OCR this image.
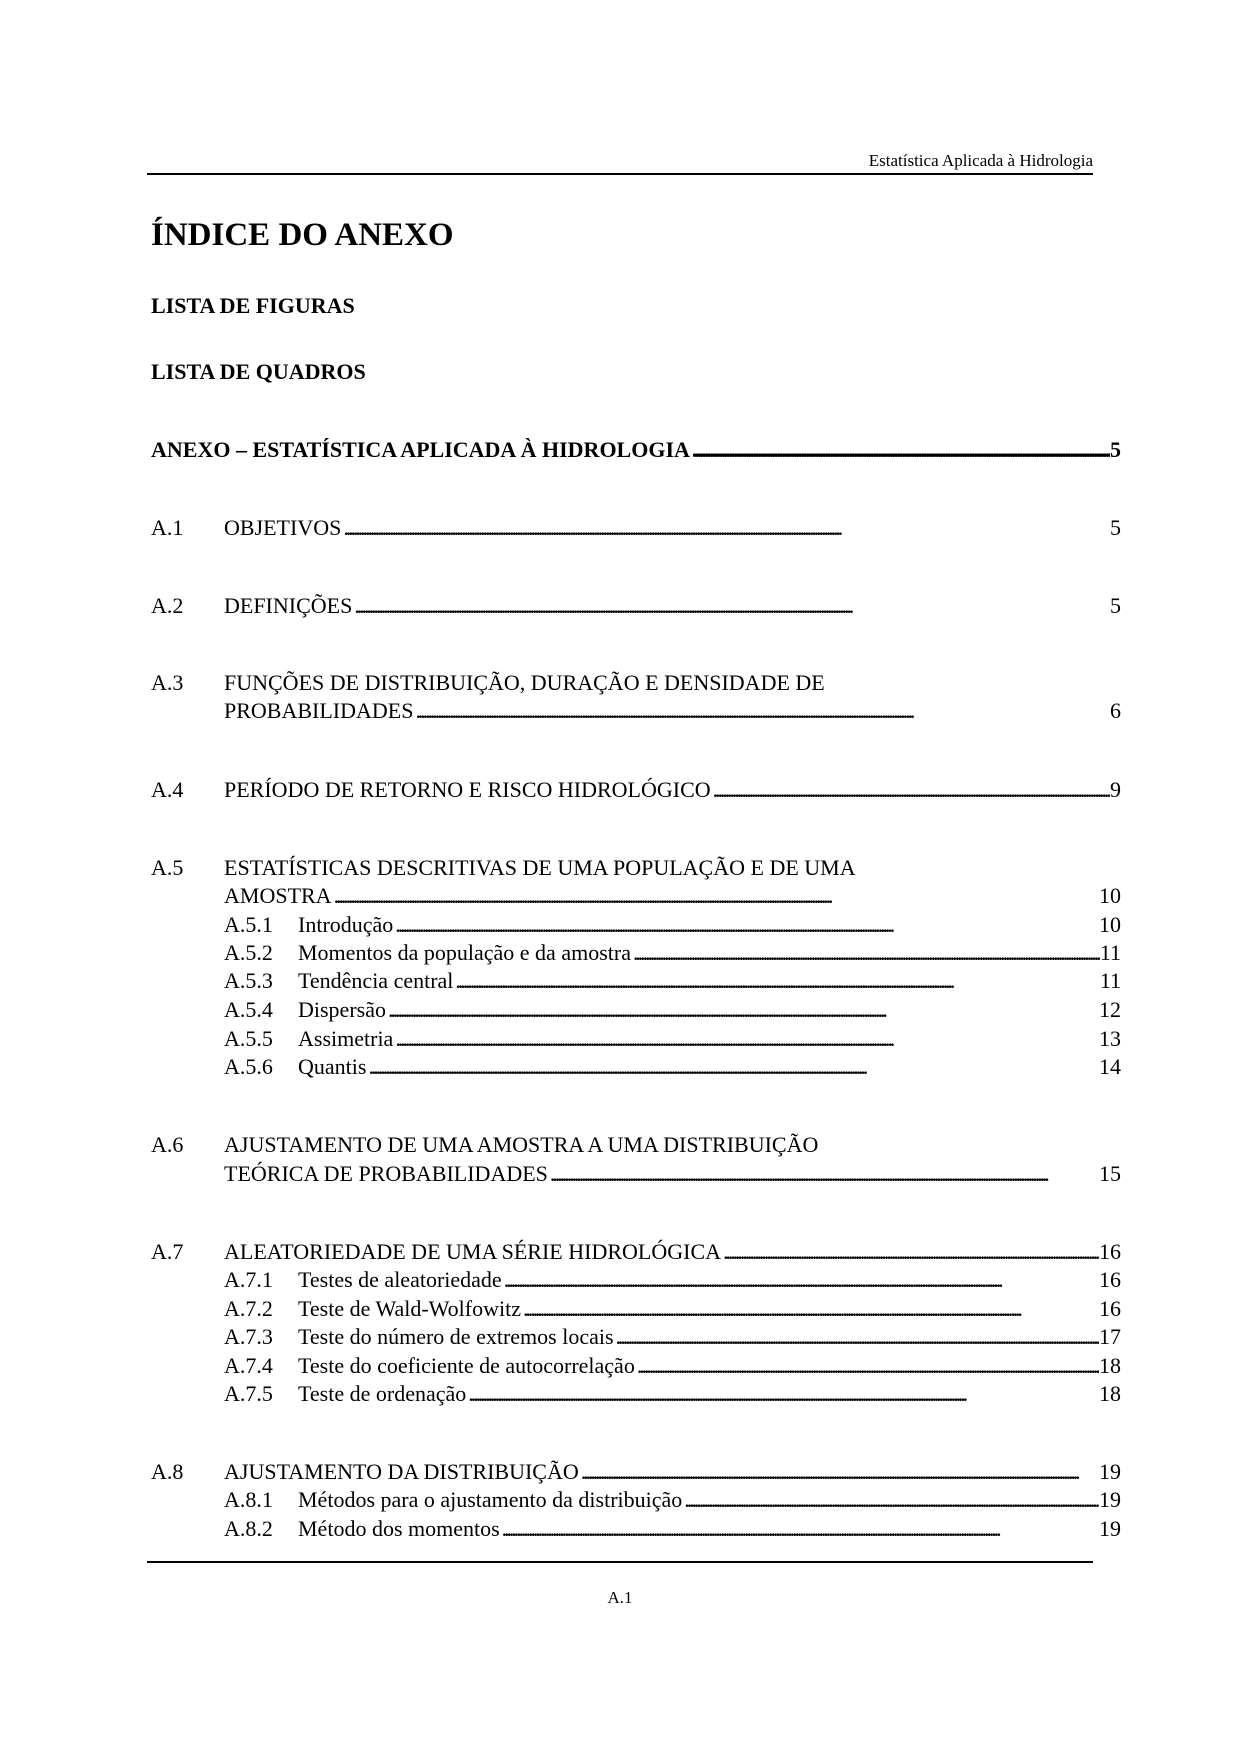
Estatística Aplicada à Hidrologia
ÍNDICE DO ANEXO
LISTA DE FIGURAS
LISTA DE QUADROS
ANEXO – ESTATÍSTICA APLICADA À HIDROLOGIA . . .	5
A.1 OBJETIVOS . . .	5
A.2 DEFINIÇÕES . . .	5
A.3 FUNÇÕES DE DISTRIBUIÇÃO, DURAÇÃO E DENSIDADE DE
PROBABILIDADES . . .	6
A.4 PERÍODO DE RETORNO E RISCO HIDROLÓGICO . . .	9
A.5 ESTATÍSTICAS DESCRITIVAS DE UMA POPULAÇÃO E DE UMA
AMOSTRA . . .	10
A.5.1 Introdução . . .	10
A.5.2 Momentos da população e da amostra . . .	11
A.5.3 Tendência central . . .	11
A.5.4 Dispersão . . .	12
A.5.5 Assimetria . . .	13
A.5.6 Quantis . . .	14
A.6 AJUSTAMENTO DE UMA AMOSTRA A UMA DISTRIBUIÇÃO
TEÓRICA DE PROBABILIDADES . . .	15
A.7 ALEATORIEDADE DE UMA SÉRIE HIDROLÓGICA . . .	16
A.7.1 Testes de aleatoriedade . . .	16
A.7.2 Teste de Wald-Wolfowitz . . .	16
A.7.3 Teste do número de extremos locais . . .	17
A.7.4 Teste do coeficiente de autocorrelação . . .	18
A.7.5 Teste de ordenação . . .	18
A.8 AJUSTAMENTO DA DISTRIBUIÇÃO . . .	19
A.8.1 Métodos para o ajustamento da distribuição . . .	19
A.8.2 Método dos momentos . . .	19
A.1
